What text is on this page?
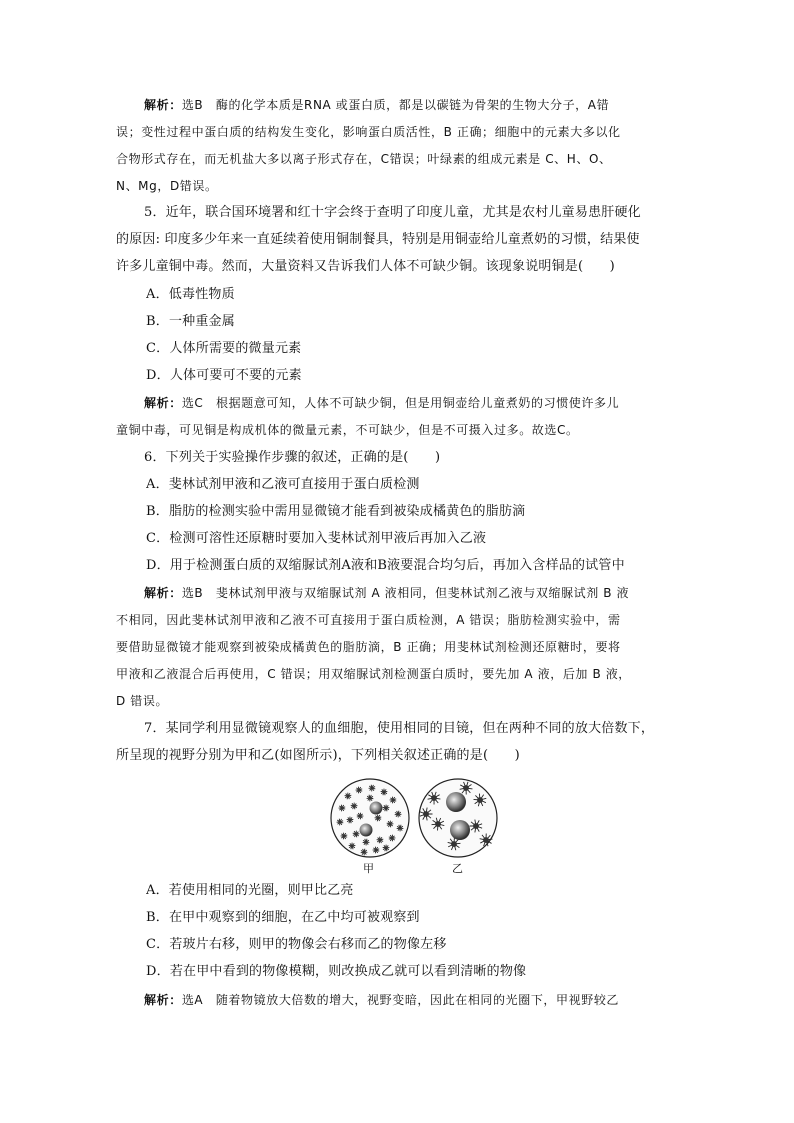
解析：选B　酶的化学本质是RNA 或蛋白质，都是以碳链为骨架的生物大分子，A错
误；变性过程中蛋白质的结构发生变化，影响蛋白质活性，B 正确；细胞中的元素大多以化
合物形式存在，而无机盐大多以离子形式存在，C错误；叶绿素的组成元素是 C、H、O、
N、Mg，D错误。
5．近年，联合国环境署和红十字会终于查明了印度儿童，尤其是农村儿童易患肝硬化
的原因: 印度多少年来一直延续着使用铜制餐具，特别是用铜壶给儿童煮奶的习惯，结果使
许多儿童铜中毒。然而，大量资料又告诉我们人体不可缺少铜。该现象说明铜是(　　)
A．低毒性物质
B．一种重金属
C．人体所需要的微量元素
D．人体可要可不要的元素
解析：选C　根据题意可知，人体不可缺少铜，但是用铜壶给儿童煮奶的习惯使许多儿
童铜中毒，可见铜是构成机体的微量元素，不可缺少，但是不可摄入过多。故选C。
6．下列关于实验操作步骤的叙述，正确的是(　　)
A．斐林试剂甲液和乙液可直接用于蛋白质检测
B．脂肪的检测实验中需用显微镜才能看到被染成橘黄色的脂肪滴
C．检测可溶性还原糖时要加入斐林试剂甲液后再加入乙液
D．用于检测蛋白质的双缩脲试剂A液和B液要混合均匀后，再加入含样品的试管中
解析：选B　斐林试剂甲液与双缩脲试剂 A 液相同，但斐林试剂乙液与双缩脲试剂 B 液
不相同，因此斐林试剂甲液和乙液不可直接用于蛋白质检测，A 错误；脂肪检测实验中，需
要借助显微镜才能观察到被染成橘黄色的脂肪滴，B 正确；用斐林试剂检测还原糖时，要将
甲液和乙液混合后再使用，C 错误；用双缩脲试剂检测蛋白质时，要先加 A 液，后加 B 液，
D 错误。
7．某同学利用显微镜观察人的血细胞，使用相同的目镜，但在两种不同的放大倍数下，
所呈现的视野分别为甲和乙(如图所示)，下列相关叙述正确的是(　　)
甲	乙
A．若使用相同的光圈，则甲比乙亮
B．在甲中观察到的细胞，在乙中均可被观察到
C．若玻片右移，则甲的物像会右移而乙的物像左移
D．若在甲中看到的物像模糊，则改换成乙就可以看到清晰的物像
解析：选A　随着物镜放大倍数的增大，视野变暗，因此在相同的光圈下，甲视野较乙
